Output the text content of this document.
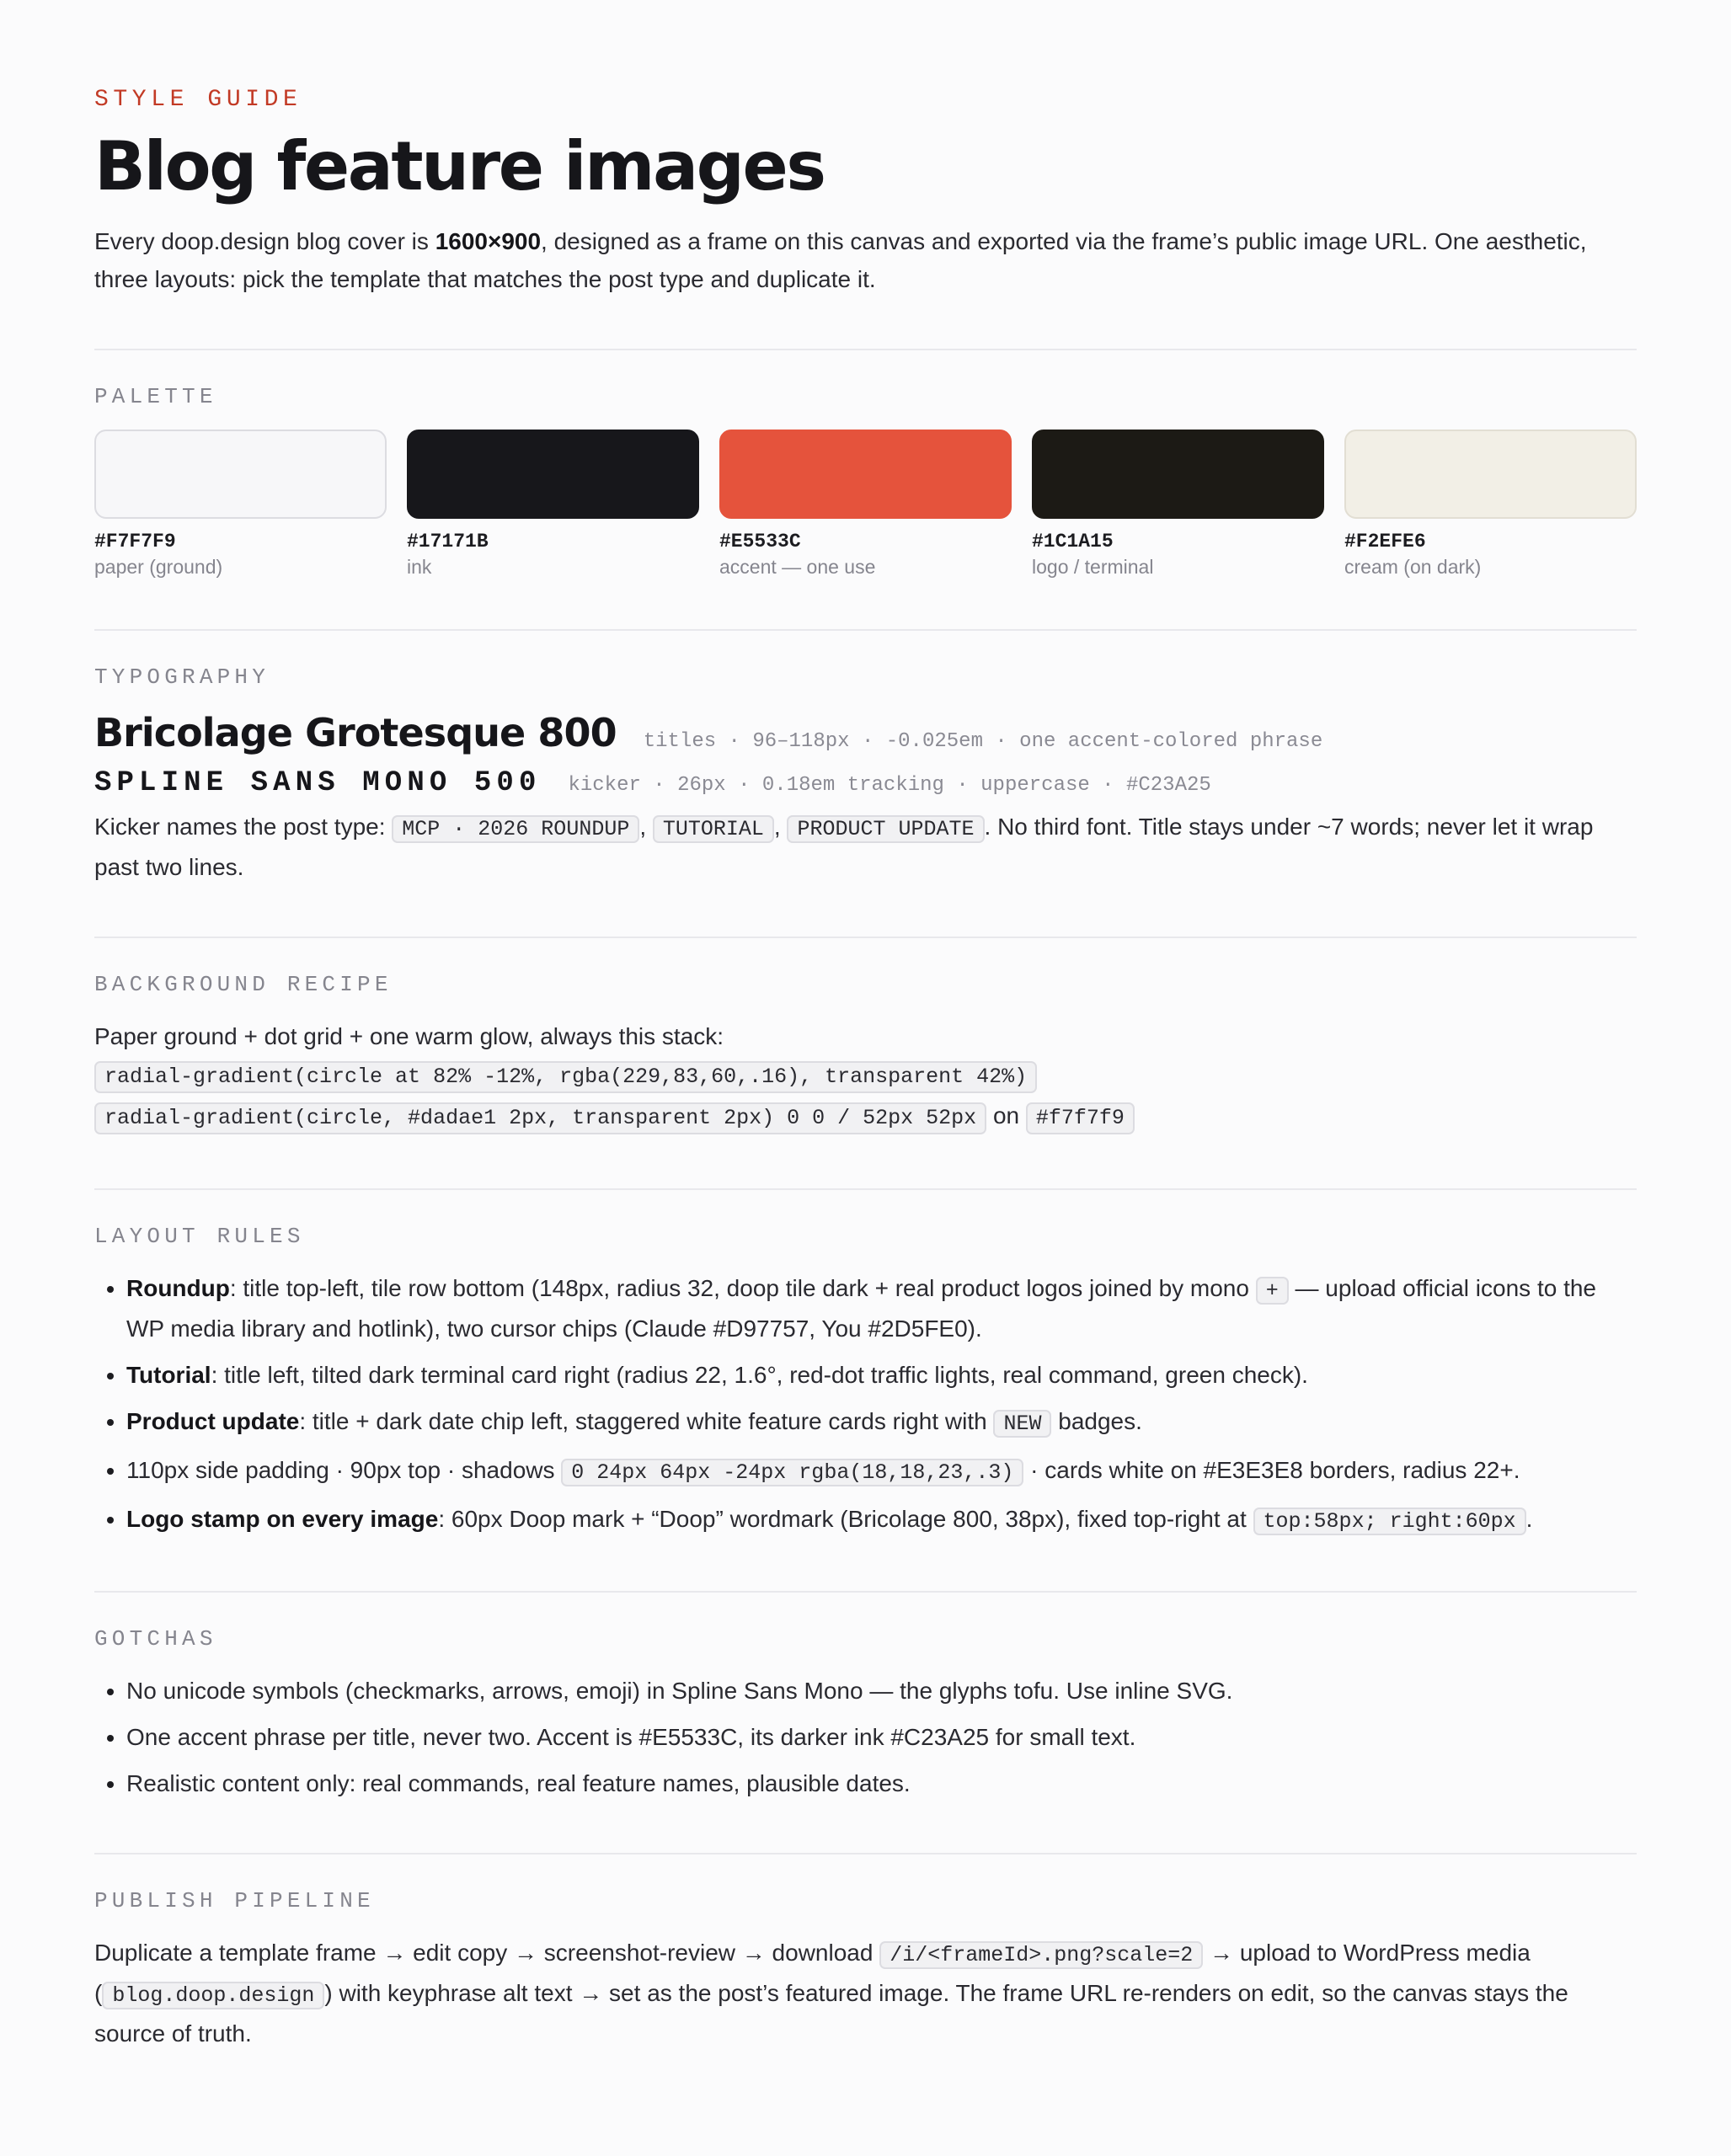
STYLE GUIDE
Blog feature images

Every doop.design blog cover is 1600×900, designed as a frame on this canvas and exported via the frame’s public image URL. One aesthetic, three layouts: pick the template that matches the post type and duplicate it.

PALETTE
#F7F7F9
paper (ground)
#17171B
ink
#E5533C
accent — one use
#1C1A15
logo / terminal
#F2EFE6
cream (on dark)
TYPOGRAPHY
Bricolage Grotesque 800 titles · 96–118px · -0.025em · one accent-colored phrase
SPLINE SANS MONO 500 kicker · 26px · 0.18em tracking · uppercase · #C23A25

Kicker names the post type: MCP · 2026 ROUNDUP , TUTORIAL , PRODUCT UPDATE . No third font. Title stays under ~7 words; never let it wrap past two lines.

BACKGROUND RECIPE

Paper ground + dot grid + one warm glow, always this stack:

radial-gradient(circle at 82% -12%, rgba(229,83,60,.16), transparent 42%)
radial-gradient(circle, #dadae1 2px, transparent 2px) 0 0 / 52px 52px on #f7f7f9
LAYOUT RULES
• Roundup: title top-left, tile row bottom (148px, radius 32, doop tile dark + real product logos joined by mono + — upload official icons to the WP media library and hotlink), two cursor chips (Claude #D97757, You #2D5FE0).
• Tutorial: title left, tilted dark terminal card right (radius 22, 1.6°, red-dot traffic lights, real command, green check).
• Product update: title + dark date chip left, staggered white feature cards right with NEW badges.
• 110px side padding · 90px top · shadows 0 24px 64px -24px rgba(18,18,23,.3) · cards white on #E3E3E8 borders, radius 22+.
• Logo stamp on every image: 60px Doop mark + “Doop” wordmark (Bricolage 800, 38px), fixed top-right at top:58px; right:60px .
GOTCHAS
• No unicode symbols (checkmarks, arrows, emoji) in Spline Sans Mono — the glyphs tofu. Use inline SVG.
• One accent phrase per title, never two. Accent is #E5533C, its darker ink #C23A25 for small text.
• Realistic content only: real commands, real feature names, plausible dates.
PUBLISH PIPELINE

Duplicate a template frame → edit copy → screenshot-review → download /i/<frameId>.png?scale=2 → upload to WordPress media ( blog.doop.design ) with keyphrase alt text → set as the post’s featured image. The frame URL re-renders on edit, so the canvas stays the source of truth.
